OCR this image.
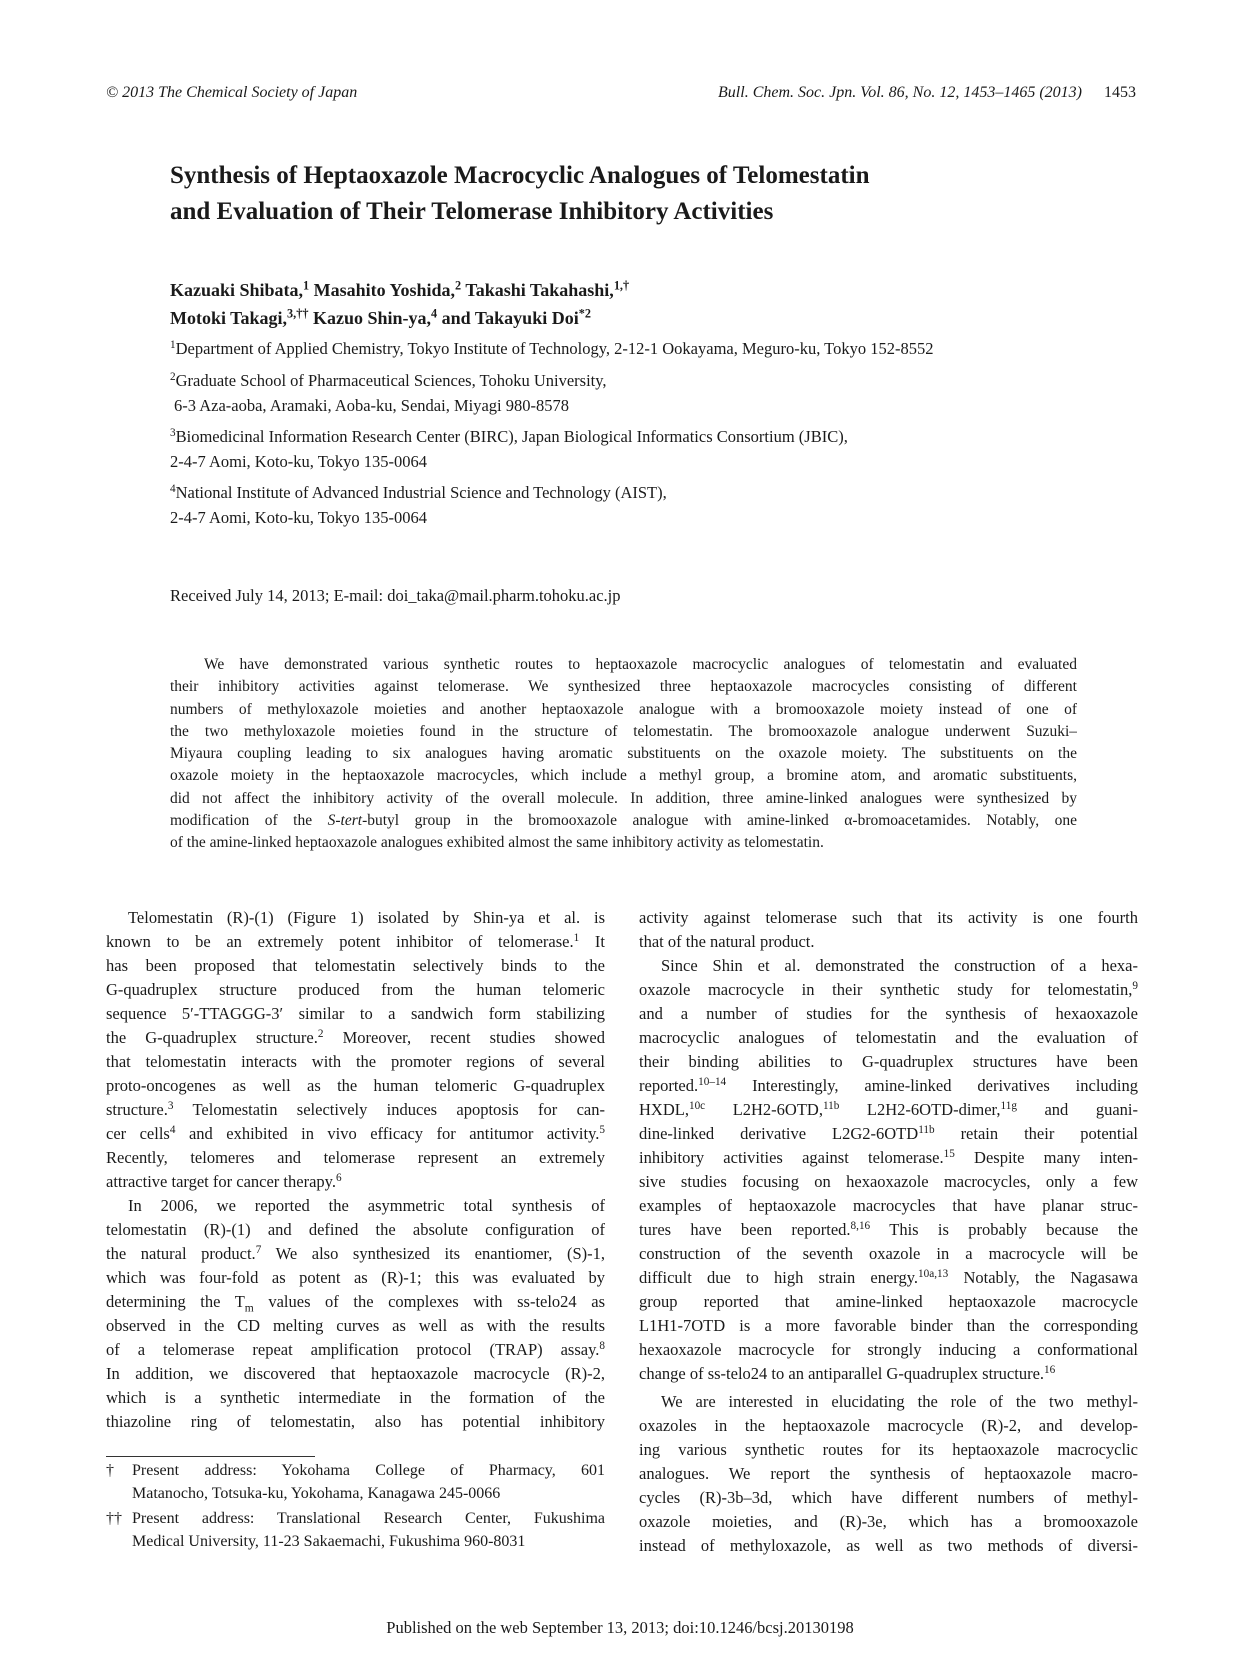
© 2013 The Chemical Society of Japan	Bull. Chem. Soc. Jpn. Vol. 86, No. 12, 1453–1465 (2013) 1453
Synthesis of Heptaoxazole Macrocyclic Analogues of Telomestatin
and Evaluation of Their Telomerase Inhibitory Activities
Kazuaki Shibata,$^1$ Masahito Yoshida,$^2$ Takashi Takahashi,$^{1,\dagger}$
Motoki Takagi,$^{3,\dagger\dagger}$ Kazuo Shin-ya,$^4$ and Takayuki Doi$^{*2}$
$^1$Department of Applied Chemistry, Tokyo Institute of Technology, 2-12-1 Ookayama, Meguro-ku, Tokyo 152-8552
$^2$Graduate School of Pharmaceutical Sciences, Tohoku University,
6-3 Aza-aoba, Aramaki, Aoba-ku, Sendai, Miyagi 980-8578
$^3$Biomedicinal Information Research Center (BIRC), Japan Biological Informatics Consortium (JBIC),
2-4-7 Aomi, Koto-ku, Tokyo 135-0064
$^4$National Institute of Advanced Industrial Science and Technology (AIST),
2-4-7 Aomi, Koto-ku, Tokyo 135-0064
Received July 14, 2013; E-mail: doi_taka@mail.pharm.tohoku.ac.jp
We have demonstrated various synthetic routes to heptaoxazole macrocyclic analogues of telomestatin and evaluated
their inhibitory activities against telomerase. We synthesized three heptaoxazole macrocycles consisting of different
numbers of methyloxazole moieties and another heptaoxazole analogue with a bromooxazole moiety instead of one of
the two methyloxazole moieties found in the structure of telomestatin. The bromooxazole analogue underwent Suzuki–
Miyaura coupling leading to six analogues having aromatic substituents on the oxazole moiety. The substituents on the
oxazole moiety in the heptaoxazole macrocycles, which include a methyl group, a bromine atom, and aromatic substituents,
did not affect the inhibitory activity of the overall molecule. In addition, three amine-linked analogues were synthesized by
modification of the S-tert-butyl group in the bromooxazole analogue with amine-linked α-bromoacetamides. Notably, one
of the amine-linked heptaoxazole analogues exhibited almost the same inhibitory activity as telomestatin.
Telomestatin (R)-(1) (Figure 1) isolated by Shin-ya et al. is
known to be an extremely potent inhibitor of telomerase.$^1$ It
has been proposed that telomestatin selectively binds to the
G-quadruplex structure produced from the human telomeric
sequence 5′-TTAGGG-3′ similar to a sandwich form stabilizing
the G-quadruplex structure.$^2$ Moreover, recent studies showed
that telomestatin interacts with the promoter regions of several
proto-oncogenes as well as the human telomeric G-quadruplex
structure.$^3$ Telomestatin selectively induces apoptosis for can-
cer cells$^4$ and exhibited in vivo efficacy for antitumor activity.$^5$
Recently, telomeres and telomerase represent an extremely
attractive target for cancer therapy.$^6$
In 2006, we reported the asymmetric total synthesis of
telomestatin (R)-(1) and defined the absolute configuration of
the natural product.$^7$ We also synthesized its enantiomer, (S)-1,
which was four-fold as potent as (R)-1; this was evaluated by
determining the $T_m$ values of the complexes with ss-telo24 as
observed in the CD melting curves as well as with the results
of a telomerase repeat amplification protocol (TRAP) assay.$^8$
In addition, we discovered that heptaoxazole macrocycle (R)-2,
which is a synthetic intermediate in the formation of the
thiazoline ring of telomestatin, also has potential inhibitory
activity against telomerase such that its activity is one fourth
that of the natural product.
Since Shin et al. demonstrated the construction of a hexa-
oxazole macrocycle in their synthetic study for telomestatin,$^9$
and a number of studies for the synthesis of hexaoxazole
macrocyclic analogues of telomestatin and the evaluation of
their binding abilities to G-quadruplex structures have been
reported.$^{10-14}$ Interestingly, amine-linked derivatives including
HXDL,$^{10c}$ L2H2-6OTD,$^{11b}$ L2H2-6OTD-dimer,$^{11g}$ and guani-
dine-linked derivative $L2G2-6OTD^{11b}$ retain their potential
inhibitory activities against telomerase.$^{15}$ Despite many inten-
sive studies focusing on hexaoxazole macrocycles, only a few
examples of heptaoxazole macrocycles that have planar struc-
tures have been reported.$^{8,16}$ This is probably because the
construction of the seventh oxazole in a macrocycle will be
difficult due to high strain energy.$^{10a,13}$ Notably, the Nagasawa
group reported that amine-linked heptaoxazole macrocycle
L1H1-7OTD is a more favorable binder than the corresponding
hexaoxazole macrocycle for strongly inducing a conformational
change of ss-telo24 to an antiparallel G-quadruplex structure.$^{16}$
We are interested in elucidating the role of the two methyl-
oxazoles in the heptaoxazole macrocycle (R)-2, and develop-
ing various synthetic routes for its heptaoxazole macrocyclic
analogues. We report the synthesis of heptaoxazole macro-
cycles (R)-3b–3d, which have different numbers of methyl-
oxazole moieties, and (R)-3e, which has a bromooxazole
instead of methyloxazole, as well as two methods of diversi-
† Present address: Yokohama College of Pharmacy, 601
Matanocho, Totsuka-ku, Yokohama, Kanagawa 245-0066
†† Present address: Translational Research Center, Fukushima
Medical University, 11-23 Sakaemachi, Fukushima 960-8031
Published on the web September 13, 2013; doi:10.1246/bcsj.20130198
